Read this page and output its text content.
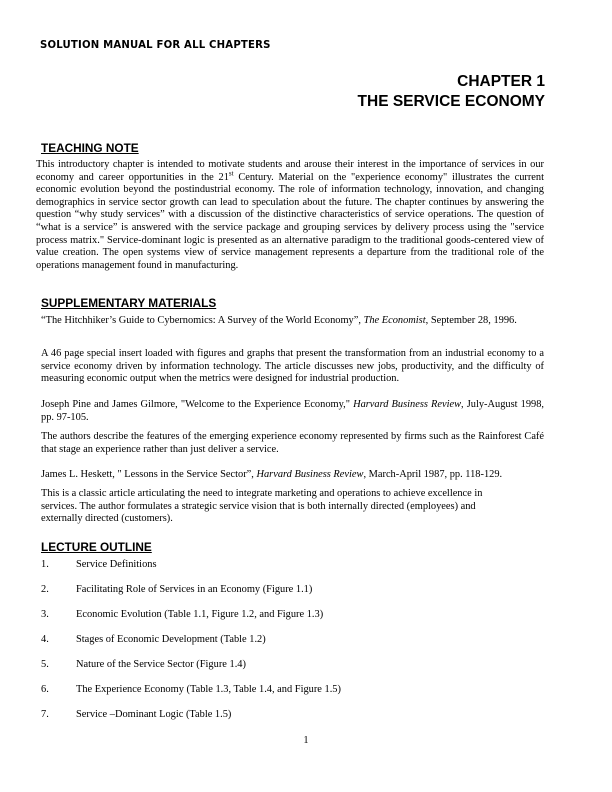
SOLUTION MANUAL FOR ALL CHAPTERS
CHAPTER 1
THE SERVICE ECONOMY
TEACHING NOTE
This introductory chapter is intended to motivate students and arouse their interest in the importance of services in our economy and career opportunities in the 21st Century. Material on the "experience economy" illustrates the current economic evolution beyond the postindustrial economy. The role of information technology, innovation, and changing demographics in service sector growth can lead to speculation about the future. The chapter continues by answering the question “why study services” with a discussion of the distinctive characteristics of service operations. The question of “what is a service” is answered with the service package and grouping services by delivery process using the "service process matrix." Service-dominant logic is presented as an alternative paradigm to the traditional goods-centered view of value creation. The open systems view of service management represents a departure from the traditional role of the operations management found in manufacturing.
SUPPLEMENTARY MATERIALS
“The Hitchhiker’s Guide to Cybernomics: A Survey of the World Economy”, The Economist, September 28, 1996.
A 46 page special insert loaded with figures and graphs that present the transformation from an industrial economy to a service economy driven by information technology. The article discusses new jobs, productivity, and the difficulty of measuring economic output when the metrics were designed for industrial production.
Joseph Pine and James Gilmore, "Welcome to the Experience Economy," Harvard Business Review, July-August 1998, pp. 97-105.
The authors describe the features of the emerging experience economy represented by firms such as the Rainforest Café that stage an experience rather than just deliver a service.
James L. Heskett, " Lessons in the Service Sector”, Harvard Business Review, March-April 1987, pp. 118-129.
This is a classic article articulating the need to integrate marketing and operations to achieve excellence in services. The author formulates a strategic service vision that is both internally directed (employees) and externally directed (customers).
LECTURE OUTLINE
1.	Service Definitions
2.	Facilitating Role of Services in an Economy (Figure 1.1)
3.	Economic Evolution (Table 1.1, Figure 1.2, and Figure 1.3)
4.	Stages of Economic Development (Table 1.2)
5.	Nature of the Service Sector (Figure 1.4)
6.	The Experience Economy (Table 1.3, Table 1.4, and Figure 1.5)
7.	Service –Dominant Logic (Table 1.5)
1
